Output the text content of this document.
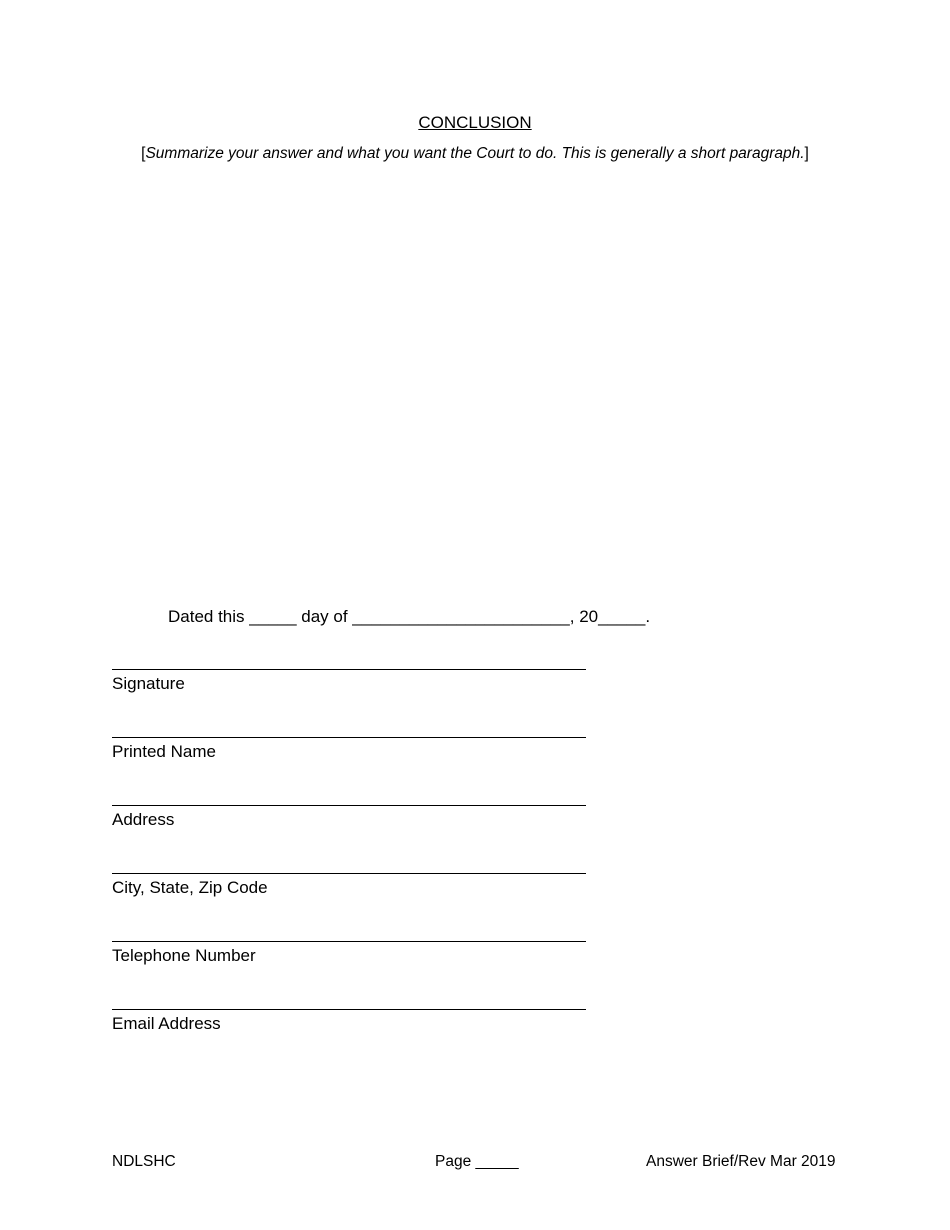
CONCLUSION
[Summarize your answer and what you want the Court to do. This is generally a short paragraph.]
Dated this _____ day of _______________________, 20_____.
Signature
Printed Name
Address
City, State, Zip Code
Telephone Number
Email Address
NDLSHC	Page _____	Answer Brief/Rev Mar 2019
